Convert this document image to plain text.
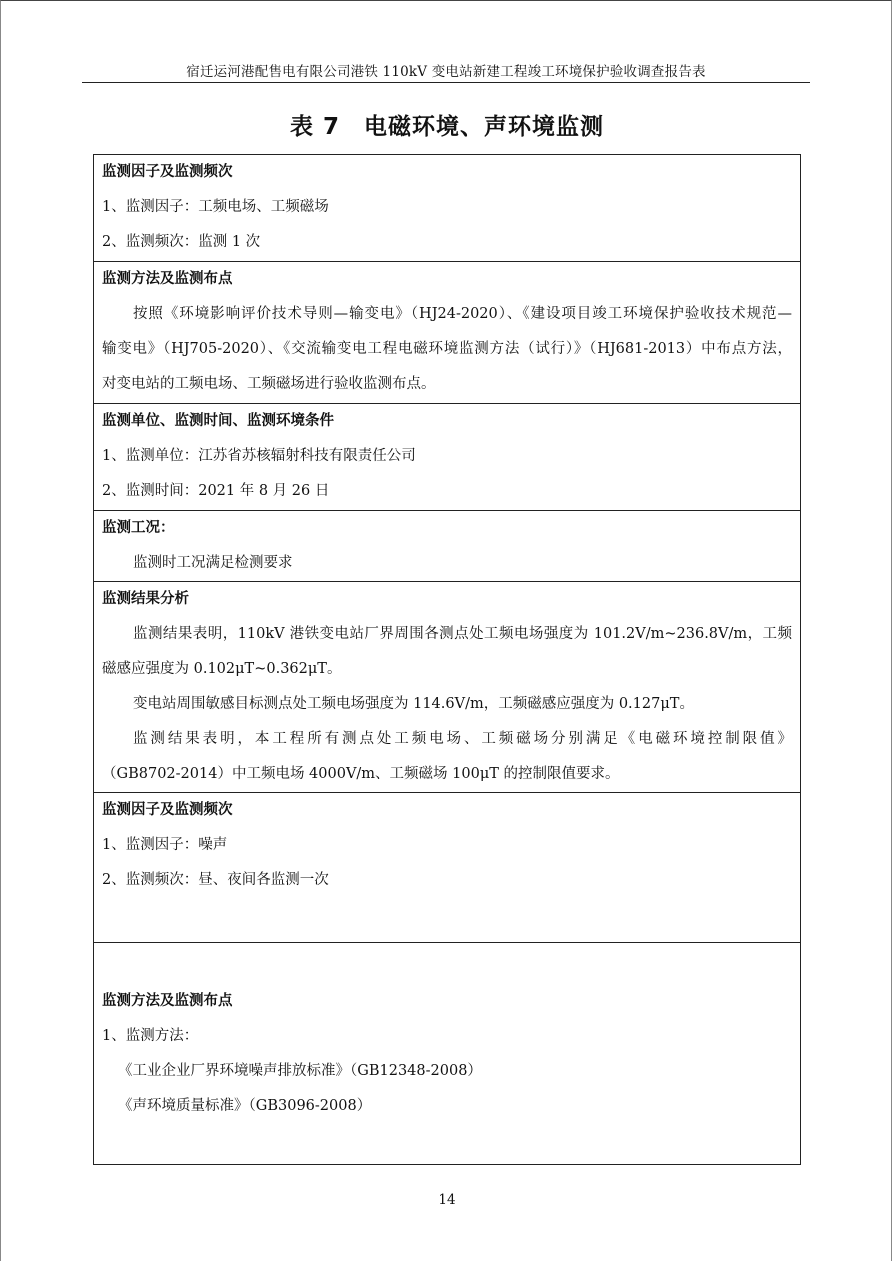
宿迁运河港配售电有限公司港铁 110kV 变电站新建工程竣工环境保护验收调查报告表
表 7　电磁环境、声环境监测
监测因子及监测频次
1、监测因子：工频电场、工频磁场
2、监测频次：监测 1 次
监测方法及监测布点
按照《环境影响评价技术导则—输变电》（HJ24-2020）、《建设项目竣工环境保护验收技术规范—
输变电》（HJ705-2020）、《交流输变电工程电磁环境监测方法（试行）》（HJ681-2013）中布点方法，
对变电站的工频电场、工频磁场进行验收监测布点。
监测单位、监测时间、监测环境条件
1、监测单位：江苏省苏核辐射科技有限责任公司
2、监测时间：2021 年 8 月 26 日
监测工况：
监测时工况满足检测要求
监测结果分析
监测结果表明，110kV 港铁变电站厂界周围各测点处工频电场强度为 101.2V/m~236.8V/m，工频
磁感应强度为 0.102μT~0.362μT。
变电站周围敏感目标测点处工频电场强度为 114.6V/m，工频磁感应强度为 0.127μT。
监测结果表明，本工程所有测点处工频电场、工频磁场分别满足《电磁环境控制限值》
（GB8702-2014）中工频电场 4000V/m、工频磁场 100μT 的控制限值要求。
监测因子及监测频次
1、监测因子：噪声
2、监测频次：昼、夜间各监测一次
监测方法及监测布点
1、监测方法：
《工业企业厂界环境噪声排放标准》（GB12348-2008）
《声环境质量标准》（GB3096-2008）
14
